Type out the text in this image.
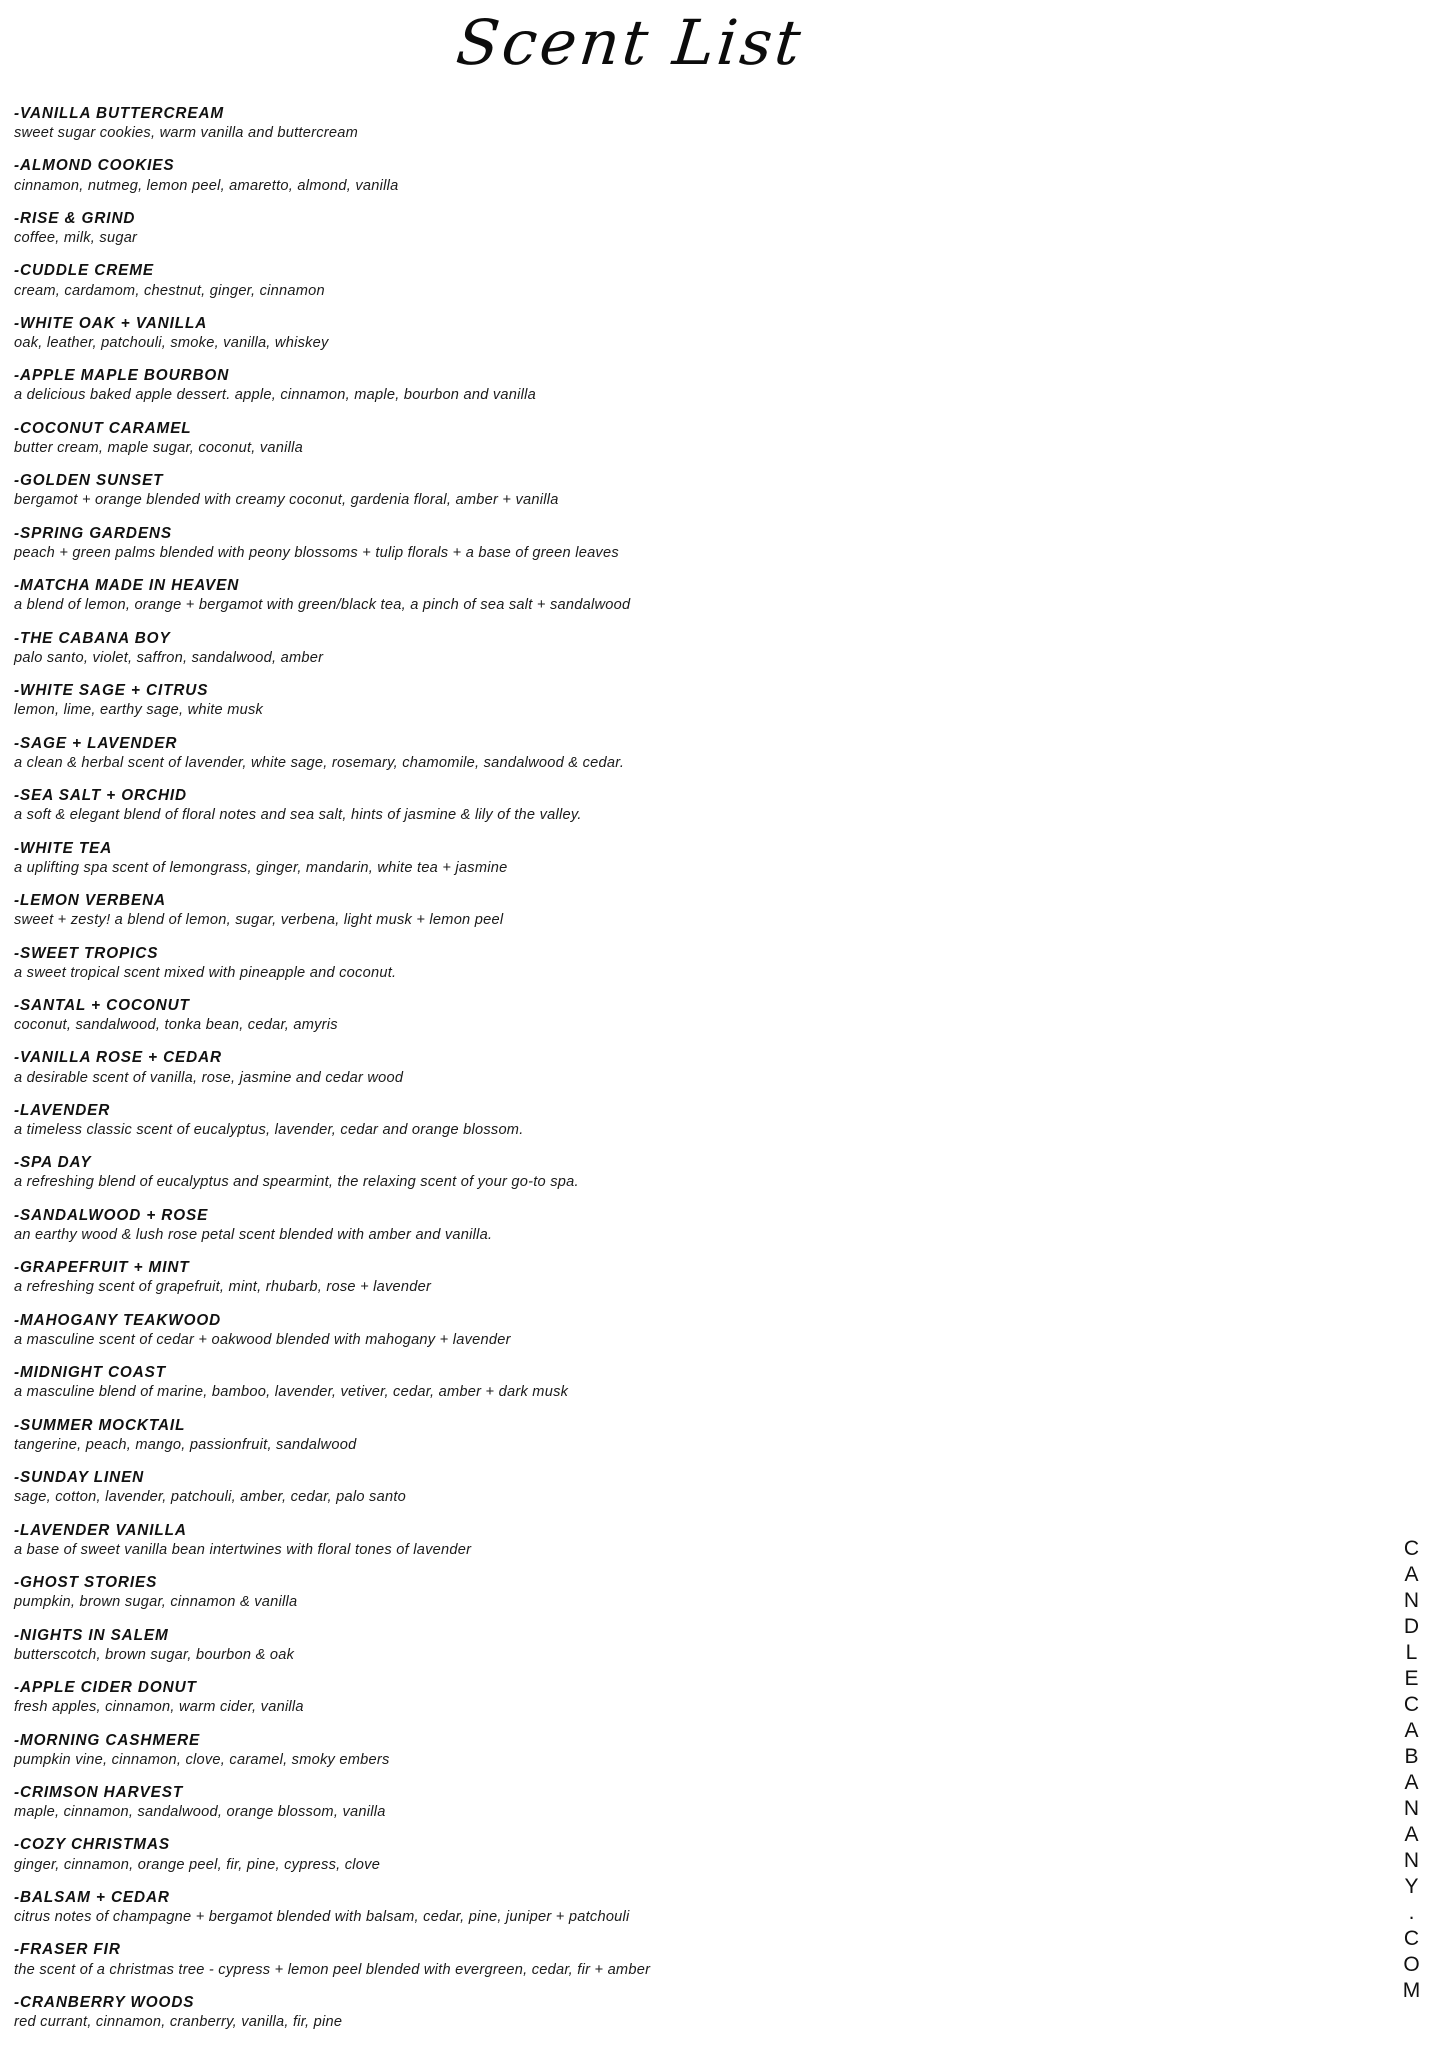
Scent List
-VANILLA BUTTERCREAM
sweet sugar cookies, warm vanilla and buttercream
-ALMOND COOKIES
cinnamon, nutmeg, lemon peel, amaretto, almond, vanilla
-RISE & GRIND
coffee, milk, sugar
-CUDDLE CREME
cream, cardamom, chestnut, ginger, cinnamon
-WHITE OAK + VANILLA
oak, leather, patchouli, smoke, vanilla, whiskey
-APPLE MAPLE BOURBON
a delicious baked apple dessert. apple, cinnamon, maple, bourbon and vanilla
-COCONUT CARAMEL
butter cream, maple sugar, coconut, vanilla
-GOLDEN SUNSET
bergamot + orange blended with creamy coconut, gardenia floral, amber + vanilla
-SPRING GARDENS
peach + green palms blended with peony blossoms + tulip florals + a base of green leaves
-MATCHA MADE IN HEAVEN
a blend of lemon, orange + bergamot with green/black tea, a pinch of sea salt + sandalwood
-THE CABANA BOY
palo santo, violet, saffron, sandalwood, amber
-WHITE SAGE + CITRUS
lemon, lime, earthy sage, white musk
-SAGE + LAVENDER
a clean & herbal scent of lavender, white sage, rosemary, chamomile, sandalwood & cedar.
-SEA SALT + ORCHID
a soft & elegant blend of floral notes and sea salt, hints of jasmine & lily of the valley.
-WHITE TEA
a uplifting spa scent of lemongrass, ginger, mandarin, white tea + jasmine
-LEMON VERBENA
sweet + zesty! a blend of lemon, sugar, verbena, light musk + lemon peel
-SWEET TROPICS
a sweet tropical scent mixed with pineapple and coconut.
-SANTAL + COCONUT
coconut, sandalwood, tonka bean, cedar, amyris
-VANILLA ROSE + CEDAR
a desirable scent of vanilla, rose, jasmine and cedar wood
-LAVENDER
a timeless classic scent of eucalyptus, lavender, cedar and orange blossom.
-SPA DAY
a refreshing blend of eucalyptus and spearmint, the relaxing scent of your go-to spa.
-SANDALWOOD + ROSE
an earthy wood & lush rose petal scent blended with amber and vanilla.
-GRAPEFRUIT + MINT
a refreshing scent of grapefruit, mint, rhubarb, rose + lavender
-MAHOGANY TEAKWOOD
a masculine scent of cedar + oakwood blended with mahogany + lavender
-MIDNIGHT COAST
a masculine blend of marine, bamboo, lavender, vetiver, cedar, amber + dark musk
-SUMMER MOCKTAIL
tangerine, peach, mango, passionfruit, sandalwood
-SUNDAY LINEN
sage, cotton, lavender, patchouli, amber, cedar, palo santo
-LAVENDER VANILLA
a base of sweet vanilla bean intertwines with floral tones of lavender
-GHOST STORIES
pumpkin, brown sugar, cinnamon & vanilla
-NIGHTS IN SALEM
butterscotch, brown sugar, bourbon & oak
-APPLE CIDER DONUT
fresh apples, cinnamon, warm cider, vanilla
-MORNING CASHMERE
pumpkin vine, cinnamon, clove, caramel, smoky embers
-CRIMSON HARVEST
maple, cinnamon, sandalwood, orange blossom, vanilla
-COZY CHRISTMAS
ginger, cinnamon, orange peel, fir, pine, cypress, clove
-BALSAM + CEDAR
citrus notes of champagne + bergamot blended with balsam, cedar, pine, juniper + patchouli
-FRASER FIR
the scent of a christmas tree - cypress + lemon peel blended with evergreen, cedar, fir + amber
-CRANBERRY WOODS
red currant, cinnamon, cranberry, vanilla, fir, pine
CANDLECABANANY.COM
